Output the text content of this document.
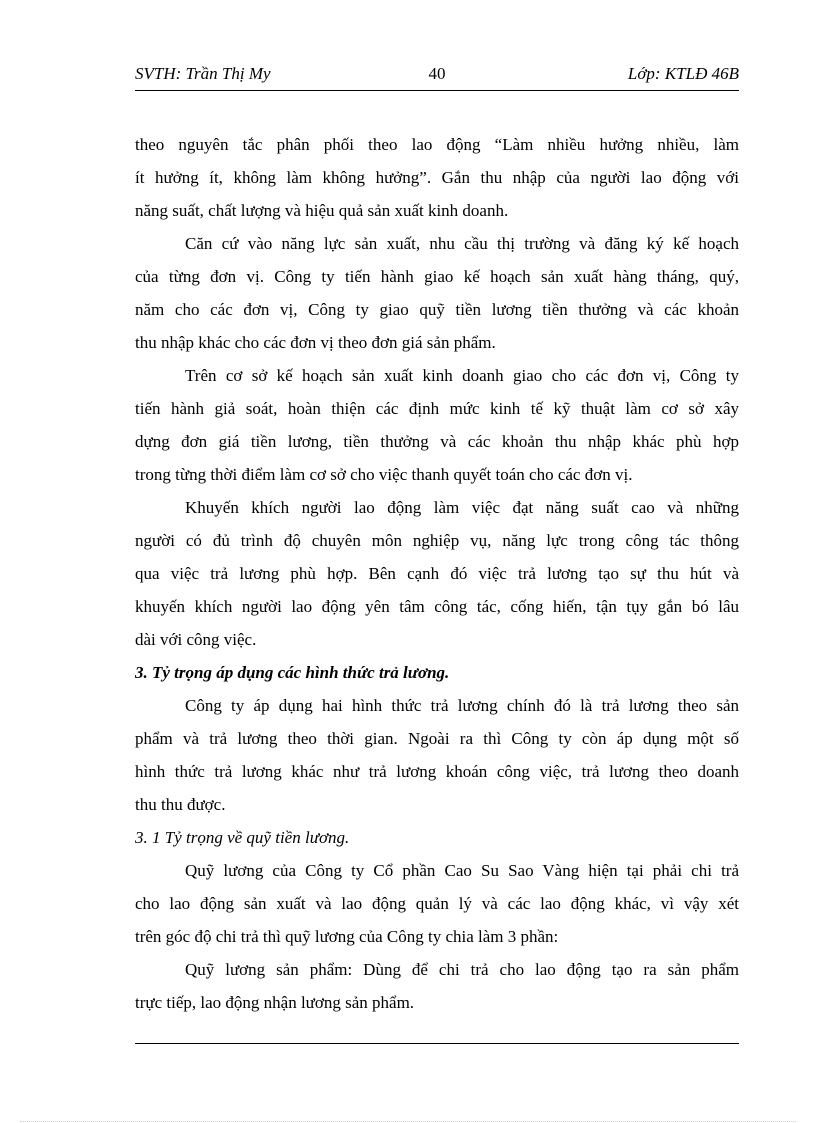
SVTH: Trần Thị My	40	Lớp: KTLĐ 46B
theo nguyên tắc phân phối theo lao động “Làm nhiều hưởng nhiều, làm
ít hưởng ít, không làm không hưởng”. Gắn thu nhập của người lao động với
năng suất, chất lượng và hiệu quả sản xuất kinh doanh.
Căn cứ vào năng lực sản xuất, nhu cầu thị trường và đăng ký kế hoạch
của từng đơn vị. Công ty tiến hành giao kế hoạch sản xuất hàng tháng, quý,
năm cho các đơn vị, Công ty giao quỹ tiền lương tiền thưởng và các khoản
thu nhập khác cho các đơn vị theo đơn giá sản phẩm.
Trên cơ sở kế hoạch sản xuất kinh doanh giao cho các đơn vị, Công ty
tiến hành giả soát, hoàn thiện các định mức kinh tế kỹ thuật làm cơ sở xây
dựng đơn giá tiền lương, tiền thưởng và các khoản thu nhập khác phù hợp
trong từng thời điểm làm cơ sở cho việc thanh quyết toán cho các đơn vị.
Khuyến khích người lao động làm việc đạt năng suất cao và những
người có đủ trình độ chuyên môn nghiệp vụ, năng lực trong công tác thông
qua việc trả lương phù hợp. Bên cạnh đó việc trả lương tạo sự thu hút và
khuyến khích người lao động yên tâm công tác, cống hiến, tận tụy gắn bó lâu
dài với công việc.
3. Tỷ trọng áp dụng các hình thức trả lương.
Công ty áp dụng hai hình thức trả lương chính đó là trả lương theo sản
phẩm và trả lương theo thời gian. Ngoài ra thì Công ty còn áp dụng một số
hình thức trả lương khác như trả lương khoán công việc, trả lương theo doanh
thu thu được.
3. 1 Tỷ trọng về quỹ tiền lương.
Quỹ lương của Công ty Cổ phần Cao Su Sao Vàng hiện tại phải chi trả
cho lao động sản xuất và lao động quản lý và các lao động khác, vì vậy xét
trên góc độ chi trả thì quỹ lương của Công ty chia làm 3 phần:
Quỹ lương sản phẩm: Dùng để chi trả cho lao động tạo ra sản phẩm
trực tiếp, lao động nhận lương sản phẩm.
